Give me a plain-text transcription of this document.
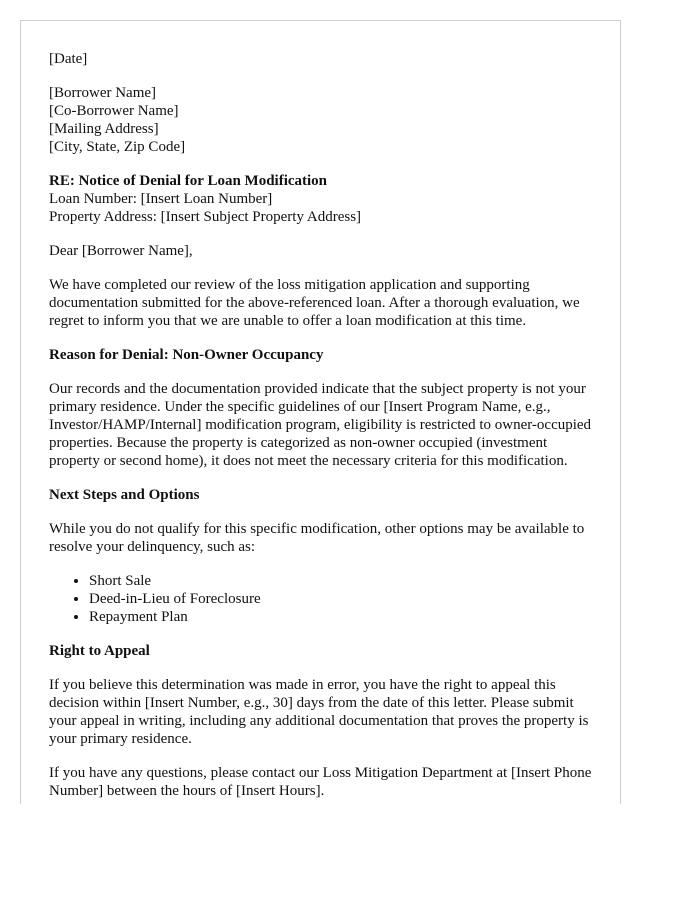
[Date]

[Borrower Name]
[Co-Borrower Name]
[Mailing Address]
[City, State, Zip Code]

RE: Notice of Denial for Loan Modification
Loan Number: [Insert Loan Number]
Property Address: [Insert Subject Property Address]

Dear [Borrower Name],

We have completed our review of the loss mitigation application and supporting documentation submitted for the above-referenced loan. After a thorough evaluation, we regret to inform you that we are unable to offer a loan modification at this time.

Reason for Denial: Non-Owner Occupancy

Our records and the documentation provided indicate that the subject property is not your primary residence. Under the specific guidelines of our [Insert Program Name, e.g., Investor/HAMP/Internal] modification program, eligibility is restricted to owner-occupied properties. Because the property is categorized as non-owner occupied (investment property or second home), it does not meet the necessary criteria for this modification.

Next Steps and Options

While you do not qualify for this specific modification, other options may be available to resolve your delinquency, such as:

• Short Sale
• Deed-in-Lieu of Foreclosure
• Repayment Plan

Right to Appeal

If you believe this determination was made in error, you have the right to appeal this decision within [Insert Number, e.g., 30] days from the date of this letter. Please submit your appeal in writing, including any additional documentation that proves the property is your primary residence.

If you have any questions, please contact our Loss Mitigation Department at [Insert Phone Number] between the hours of [Insert Hours].
